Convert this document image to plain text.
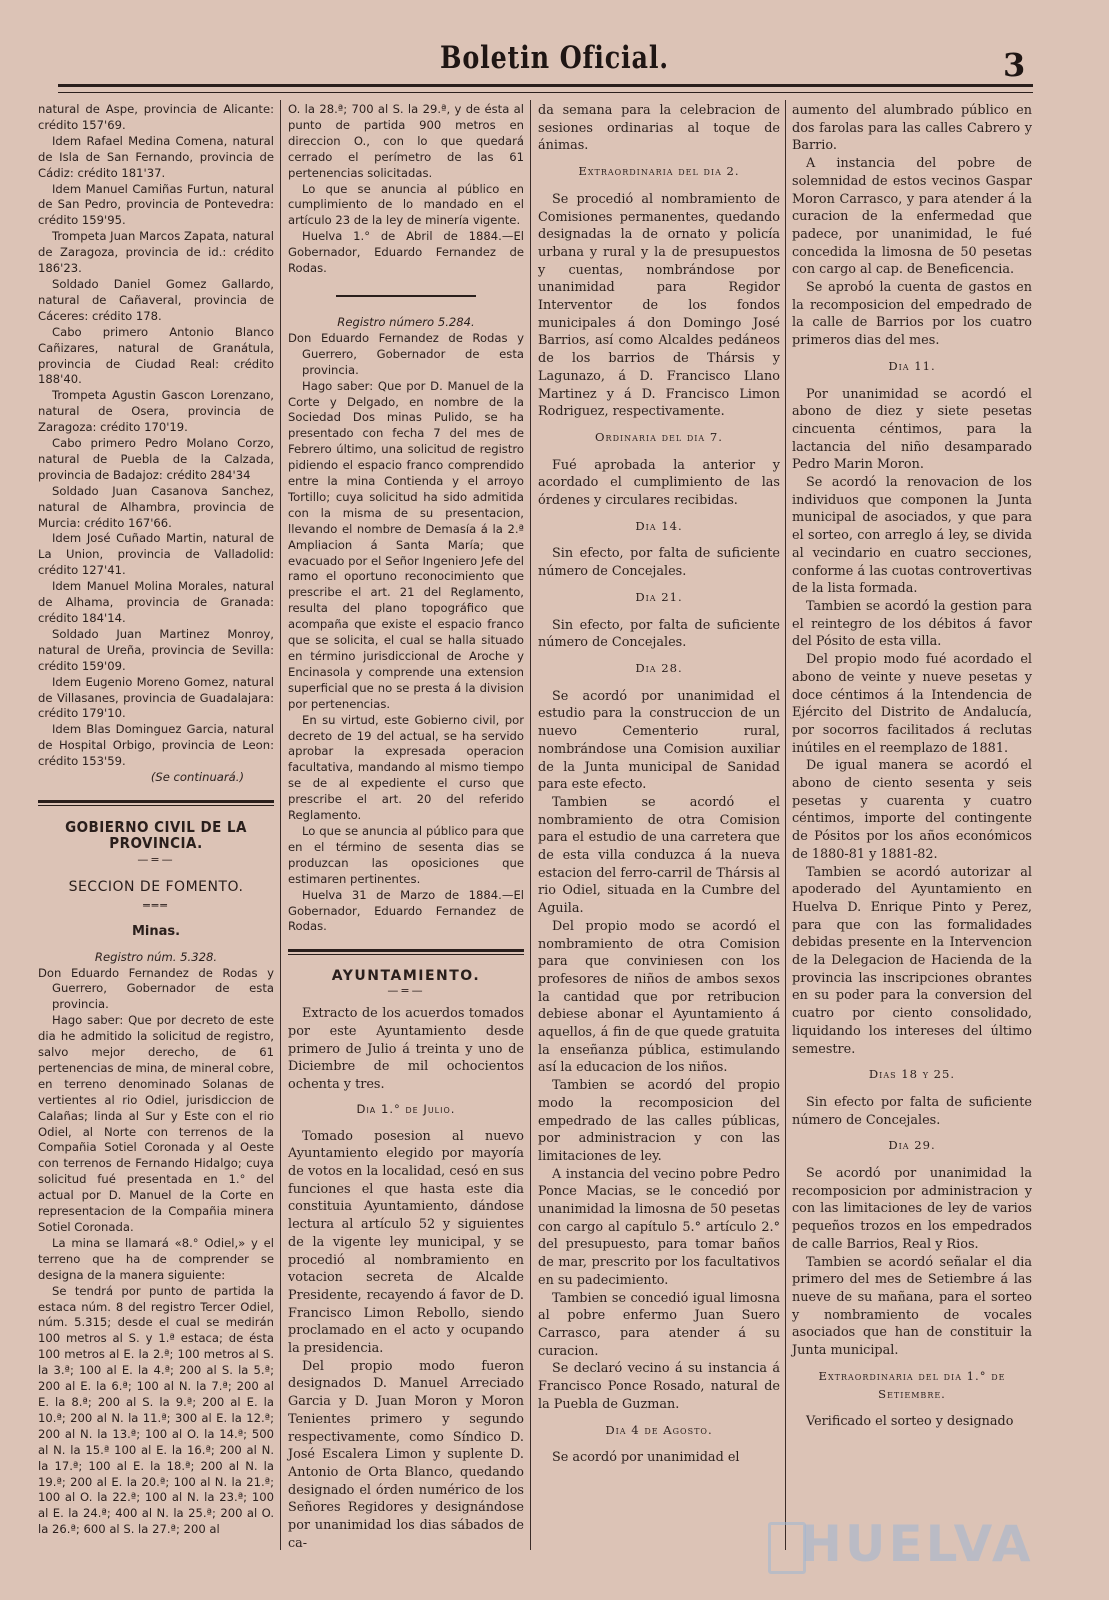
Boletin Oficial.	3

natural de Aspe, provincia de Alicante: crédito 157'69.

Idem Rafael Medina Comena, natural de Isla de San Fernando, provincia de Cádiz: crédito 181'37.

Idem Manuel Camiñas Furtun, natural de San Pedro, provincia de Pontevedra: crédito 159'95.

Trompeta Juan Marcos Zapata, natural de Zaragoza, provincia de id.: crédito 186'23.

Soldado Daniel Gomez Gallardo, natural de Cañaveral, provincia de Cáceres: crédito 178.

Cabo primero Antonio Blanco Cañizares, natural de Granátula, provincia de Ciudad Real: crédito 188'40.

Trompeta Agustin Gascon Lorenzano, natural de Osera, provincia de Zaragoza: crédito 170'19.

Cabo primero Pedro Molano Corzo, natural de Puebla de la Calzada, provincia de Badajoz: crédito 284'34

Soldado Juan Casanova Sanchez, natural de Alhambra, provincia de Murcia: crédito 167'66.

Idem José Cuñado Martin, natural de La Union, provincia de Valladolid: crédito 127'41.

Idem Manuel Molina Morales, natural de Alhama, provincia de Granada: crédito 184'14.

Soldado Juan Martinez Monroy, natural de Ureña, provincia de Sevilla: crédito 159'09.

Idem Eugenio Moreno Gomez, natural de Villasanes, provincia de Guadalajara: crédito 179'10.

Idem Blas Dominguez Garcia, natural de Hospital Orbigo, provincia de Leon: crédito 153'59.

(Se continuará.)

GOBIERNO CIVIL DE LA PROVINCIA.

—=—

SECCION DE FOMENTO.

═══

Minas.

Registro núm. 5.328.

Don Eduardo Fernandez de Rodas y Guerrero, Gobernador de esta provincia.

Hago saber: Que por decreto de este dia he admitido la solicitud de registro, salvo mejor derecho, de 61 pertenencias de mina, de mineral cobre, en terreno denominado Solanas de vertientes al rio Odiel, jurisdiccion de Calañas; linda al Sur y Este con el rio Odiel, al Norte con terrenos de la Compañia Sotiel Coronada y al Oeste con terrenos de Fernando Hidalgo; cuya solicitud fué presentada en 1.° del actual por D. Manuel de la Corte en representacion de la Compañia minera Sotiel Coronada.

La mina se llamará «8.° Odiel,» y el terreno que ha de comprender se designa de la manera siguiente:

Se tendrá por punto de partida la estaca núm. 8 del registro Tercer Odiel, núm. 5.315; desde el cual se medirán 100 metros al S. y 1.ª estaca; de ésta 100 metros al E. la 2.ª; 100 metros al S. la 3.ª; 100 al E. la 4.ª; 200 al S. la 5.ª; 200 al E. la 6.ª; 100 al N. la 7.ª; 200 al E. la 8.ª; 200 al S. la 9.ª; 200 al E. la 10.ª; 200 al N. la 11.ª; 300 al E. la 12.ª; 200 al N. la 13.ª; 100 al O. la 14.ª; 500 al N. la 15.ª 100 al E. la 16.ª; 200 al N. la 17.ª; 100 al E. la 18.ª; 200 al N. la 19.ª; 200 al E. la 20.ª; 100 al N. la 21.ª; 100 al O. la 22.ª; 100 al N. la 23.ª; 100 al E. la 24.ª; 400 al N. la 25.ª; 200 al O. la 26.ª; 600 al S. la 27.ª; 200 al

O. la 28.ª; 700 al S. la 29.ª, y de ésta al punto de partida 900 metros en direccion O., con lo que quedará cerrado el perímetro de las 61 pertenencias solicitadas.

Lo que se anuncia al público en cumplimiento de lo mandado en el artículo 23 de la ley de minería vigente.

Huelva 1.° de Abril de 1884.—El Gobernador, Eduardo Fernandez de Rodas.

Registro número 5.284.

Don Eduardo Fernandez de Rodas y Guerrero, Gobernador de esta provincia.

Hago saber: Que por D. Manuel de la Corte y Delgado, en nombre de la Sociedad Dos minas Pulido, se ha presentado con fecha 7 del mes de Febrero último, una solicitud de registro pidiendo el espacio franco comprendido entre la mina Contienda y el arroyo Tortillo; cuya solicitud ha sido admitida con la misma de su presentacion, llevando el nombre de Demasía á la 2.ª Ampliacion á Santa María; que evacuado por el Señor Ingeniero Jefe del ramo el oportuno reconocimiento que prescribe el art. 21 del Reglamento, resulta del plano topográfico que acompaña que existe el espacio franco que se solicita, el cual se halla situado en término jurisdiccional de Aroche y Encinasola y comprende una extension superficial que no se presta á la division por pertenencias.

En su virtud, este Gobierno civil, por decreto de 19 del actual, se ha servido aprobar la expresada operacion facultativa, mandando al mismo tiempo se de al expediente el curso que prescribe el art. 20 del referido Reglamento.

Lo que se anuncia al público para que en el término de sesenta dias se produzcan las oposiciones que estimaren pertinentes.

Huelva 31 de Marzo de 1884.—El Gobernador, Eduardo Fernandez de Rodas.

AYUNTAMIENTO.

—=—

Extracto de los acuerdos tomados por este Ayuntamiento desde primero de Julio á treinta y uno de Diciembre de mil ochocientos ochenta y tres.

Dia 1.° de Julio.

Tomado posesion al nuevo Ayuntamiento elegido por mayoría de votos en la localidad, cesó en sus funciones el que hasta este dia constituia Ayuntamiento, dándose lectura al artículo 52 y siguientes de la vigente ley municipal, y se procedió al nombramiento en votacion secreta de Alcalde Presidente, recayendo á favor de D. Francisco Limon Rebollo, siendo proclamado en el acto y ocupando la presidencia.

Del propio modo fueron designados D. Manuel Arreciado Garcia y D. Juan Moron y Moron Tenientes primero y segundo respectivamente, como Síndico D. José Escalera Limon y suplente D. Antonio de Orta Blanco, quedando designado el órden numérico de los Señores Regidores y designándose por unanimidad los dias sábados de ca-

da semana para la celebracion de sesiones ordinarias al toque de ánimas.

Extraordinaria del dia 2.

Se procedió al nombramiento de Comisiones permanentes, quedando designadas la de ornato y policía urbana y rural y la de presupuestos y cuentas, nombrándose por unanimidad para Regidor Interventor de los fondos municipales á don Domingo José Barrios, así como Alcaldes pedáneos de los barrios de Thársis y Lagunazo, á D. Francisco Llano Martinez y á D. Francisco Limon Rodriguez, respectivamente.

Ordinaria del dia 7.

Fué aprobada la anterior y acordado el cumplimiento de las órdenes y circulares recibidas.

Dia 14.

Sin efecto, por falta de suficiente número de Concejales.

Dia 21.

Sin efecto, por falta de suficiente número de Concejales.

Dia 28.

Se acordó por unanimidad el estudio para la construccion de un nuevo Cementerio rural, nombrándose una Comision auxiliar de la Junta municipal de Sanidad para este efecto.

Tambien se acordó el nombramiento de otra Comision para el estudio de una carretera que de esta villa conduzca á la nueva estacion del ferro-carril de Thársis al rio Odiel, situada en la Cumbre del Aguila.

Del propio modo se acordó el nombramiento de otra Comision para que conviniesen con los profesores de niños de ambos sexos la cantidad que por retribucion debiese abonar el Ayuntamiento á aquellos, á fin de que quede gratuita la enseñanza pública, estimulando así la educacion de los niños.

Tambien se acordó del propio modo la recomposicion del empedrado de las calles públicas, por administracion y con las limitaciones de ley.

A instancia del vecino pobre Pedro Ponce Macias, se le concedió por unanimidad la limosna de 50 pesetas con cargo al capítulo 5.° artículo 2.° del presupuesto, para tomar baños de mar, prescrito por los facultativos en su padecimiento.

Tambien se concedió igual limosna al pobre enfermo Juan Suero Carrasco, para atender á su curacion.

Se declaró vecino á su instancia á Francisco Ponce Rosado, natural de la Puebla de Guzman.

Dia 4 de Agosto.

Se acordó por unanimidad el

aumento del alumbrado público en dos farolas para las calles Cabrero y Barrio.

A instancia del pobre de solemnidad de estos vecinos Gaspar Moron Carrasco, y para atender á la curacion de la enfermedad que padece, por unanimidad, le fué concedida la limosna de 50 pesetas con cargo al cap. de Beneficencia.

Se aprobó la cuenta de gastos en la recomposicion del empedrado de la calle de Barrios por los cuatro primeros dias del mes.

Dia 11.

Por unanimidad se acordó el abono de diez y siete pesetas cincuenta céntimos, para la lactancia del niño desamparado Pedro Marin Moron.

Se acordó la renovacion de los individuos que componen la Junta municipal de asociados, y que para el sorteo, con arreglo á ley, se divida al vecindario en cuatro secciones, conforme á las cuotas controvertivas de la lista formada.

Tambien se acordó la gestion para el reintegro de los débitos á favor del Pósito de esta villa.

Del propio modo fué acordado el abono de veinte y nueve pesetas y doce céntimos á la Intendencia de Ejército del Distrito de Andalucía, por socorros facilitados á reclutas inútiles en el reemplazo de 1881.

De igual manera se acordó el abono de ciento sesenta y seis pesetas y cuarenta y cuatro céntimos, importe del contingente de Pósitos por los años económicos de 1880-81 y 1881-82.

Tambien se acordó autorizar al apoderado del Ayuntamiento en Huelva D. Enrique Pinto y Perez, para que con las formalidades debidas presente en la Intervencion de la Delegacion de Hacienda de la provincia las inscripciones obrantes en su poder para la conversion del cuatro por ciento consolidado, liquidando los intereses del último semestre.

Dias 18 y 25.

Sin efecto por falta de suficiente número de Concejales.

Dia 29.

Se acordó por unanimidad la recomposicion por administracion y con las limitaciones de ley de varios pequeños trozos en los empedrados de calle Barrios, Real y Rios.

Tambien se acordó señalar el dia primero del mes de Setiembre á las nueve de su mañana, para el sorteo y nombramiento de vocales asociados que han de constituir la Junta municipal.

Extraordinaria del dia 1.° de Setiembre.

Verificado el sorteo y designado

HUELVA
